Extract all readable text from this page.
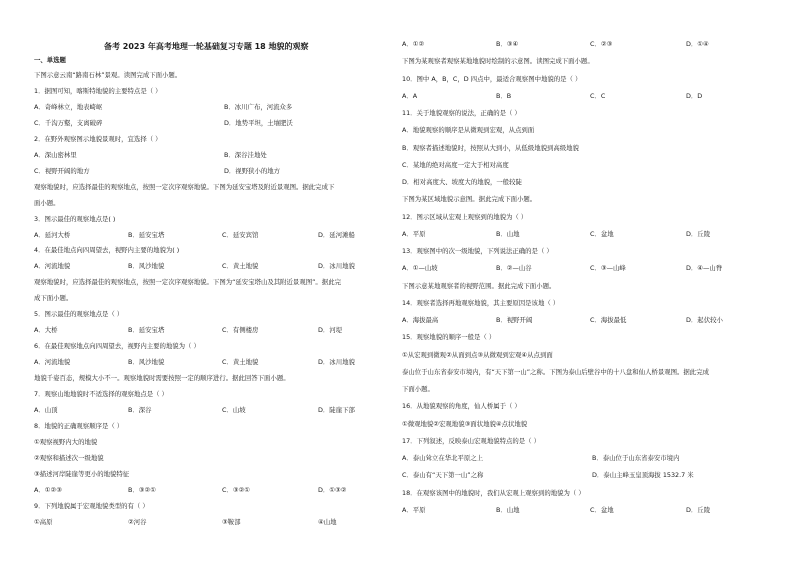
备考 2023 年高考地理一轮基础复习专题 18 地貌的观察
一、单选题
下图示意云南“路南石林”景观。读图完成下面小题。
1．据图可知，喀斯特地貌的主要特点是（ ）
A．奇峰林立，地表崎岖	B．冰川广布，河流众多
C．千沟万壑，支离破碎	D．地势平坦，土壤肥沃
2．在野外观察图示地貌景观时，宜选择（ ）
A．深山密林里	B．深谷洼地处
C．视野开阔的地方	D．视野狭小的地方
观察地貌时，应选择最佳的观察地点，按照一定次序观察地貌。下图为延安宝塔及附近景观图。据此完成下
面小题。
3．图示最佳的观察地点是( )
A．延河大桥	B．延安宝塔	C．延安宾馆	D．延河滩船
4．在最佳地点向四周望去，视野内主要的地貌为( )
A．河流地貌	B．风沙地貌	C．黄土地貌	D．冰川地貌
观察地貌时，应选择最佳的观察地点，按照一定次序观察地貌。下图为“延安宝塔山及其附近景观图”。据此完
成下面小题。
5．图示最佳的观察地点是（ ）
A．大桥	B．延安宝塔	C．有侧楼房	D．河堤
6．在最佳观察地点向四周望去，视野内主要的地貌为（ ）
A．河流地貌	B．风沙地貌	C．黄土地貌	D．冰川地貌
地貌千姿百态，规模大小不一。观察地貌时需要按照一定的顺序进行。据此回答下面小题。
7．观察山地地貌时不适选择的观察地点是（ ）
A．山顶	B．深谷	C．山坡	D．陡崖下部
8．地貌的正确观察顺序是（ ）
①观察视野内大的地貌
②观察和描述次一级地貌
③描述河岸陡崖等更小的地貌特征
A．①②③	B．③②①	C．③②①	D．①③②
9．下列地貌属于宏观地貌类型的有（ ）
①高原	②河谷	③鞍部	④山地
A．①②	B．③④	C．②③	D．①④
下图为某观察者观察某地地貌时绘制的示意图。读图完成下面小题。
10．图中 A，B，C，D 四点中，最适合观察图中地貌的是（ ）
A．A	B．B	C．C	D．D
11．关于地貌观察的说法，正确的是（ ）
A．地貌观察的顺序是从微观到宏观，从点到面
B．观察者描述地貌时，按照从大到小，从低级地貌到高级地貌
C．某地的绝对高度一定大于相对高度
D．相对高度大、坡度大的地貌，一般较陡
下图为某区域地貌示意图。据此完成下面小题。
12．图示区域从宏观上观察到的地貌为（ ）
A．平原	B．山地	C．盆地	D．丘陵
13．观察图中的次一级地貌，下列说法正确的是（ ）
A．①—山坡	B．②—山谷	C．③—山峰	D．④—山脊
下图示意某地观察者的视野范围。据此完成下面小题。
14．观察者选择再地观察地貌，其主要原因是该地（ ）
A．海拔最高	B．视野开阔	C．海拔最低	D．起伏较小
15．观察地貌的顺序一般是（ ）
①从宏观到微观②从面到点③从微观到宏观④从点到面
泰山位于山东省泰安市境内，有“天下第一山”之称。下图为泰山后壁谷中的十八盘和仙人桥景观图。据此完成
下面小题。
16．从地貌观察的角度，仙人桥属于（ ）
①微观地貌②宏观地貌③面状地貌④点状地貌
17．下列叙述，反映泰山宏观地貌特点的是（ ）
A．泰山耸立在华北平原之上	B．泰山位于山东省泰安市境内
C．泰山有“天下第一山”之称	D．泰山主峰玉皇顶海拔 1532.7 米
18．在观察该图中的地貌时，我们从宏观上观察到的地貌为（ ）
A．平原	B．山地	C．盆地	D．丘陵
